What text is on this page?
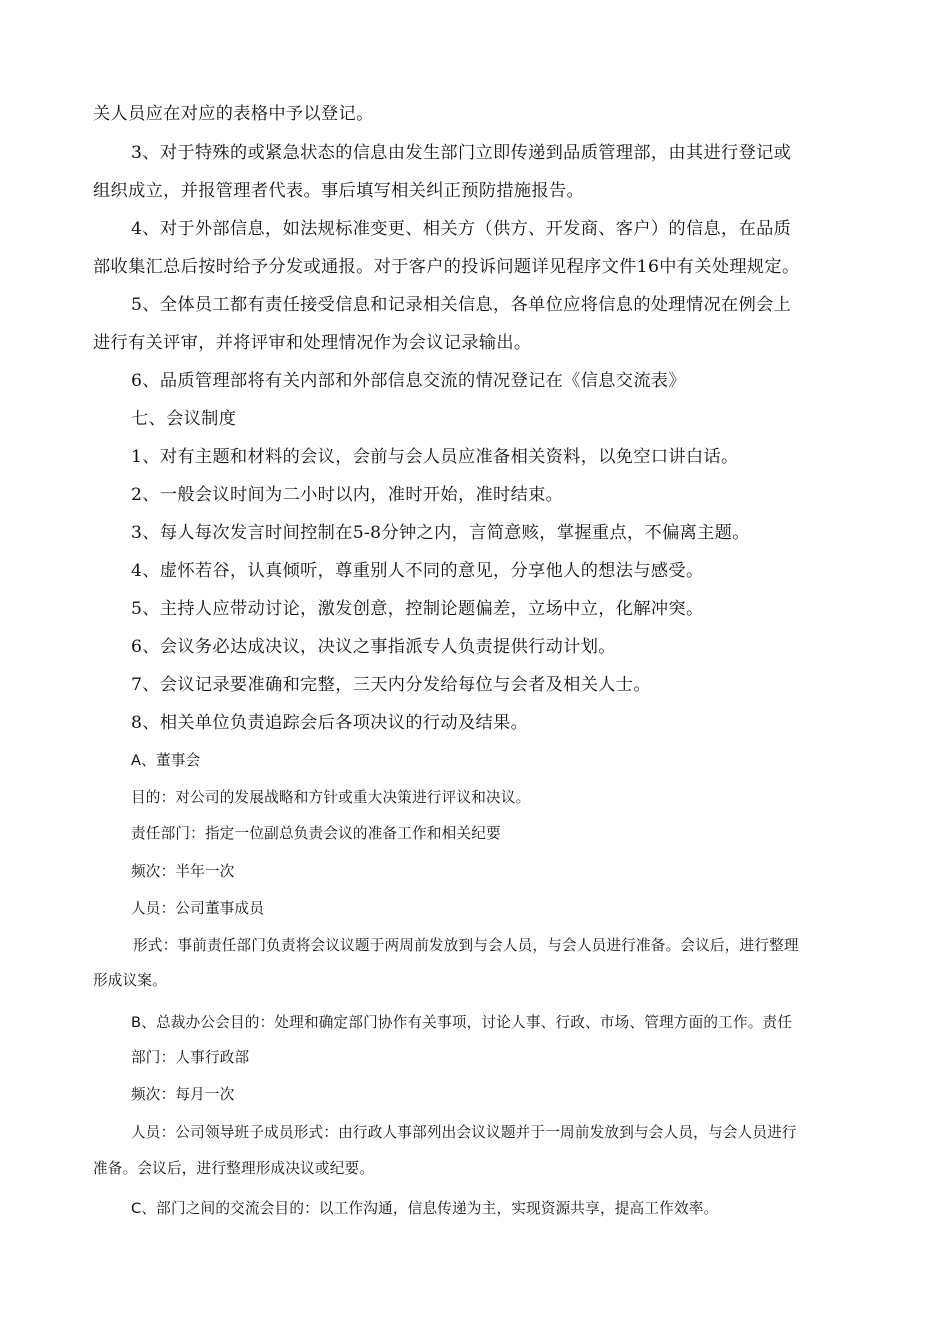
关人员应在对应的表格中予以登记。

3、对于特殊的或紧急状态的信息由发生部门立即传递到品质管理部，由其进行登记或

组织成立，并报管理者代表。事后填写相关纠正预防措施报告。

4、对于外部信息，如法规标准变更、相关方（供方、开发商、客户）的信息，在品质

部收集汇总后按时给予分发或通报。对于客户的投诉问题详见程序文件16中有关处理规定。

5、全体员工都有责任接受信息和记录相关信息，各单位应将信息的处理情况在例会上

进行有关评审，并将评审和处理情况作为会议记录输出。

6、品质管理部将有关内部和外部信息交流的情况登记在《信息交流表》

七、会议制度

1、对有主题和材料的会议，会前与会人员应准备相关资料，以免空口讲白话。

2、一般会议时间为二小时以内，准时开始，准时结束。

3、每人每次发言时间控制在5-8分钟之内，言简意赅，掌握重点，不偏离主题。

4、虚怀若谷，认真倾听，尊重别人不同的意见，分享他人的想法与感受。

5、主持人应带动讨论，激发创意，控制论题偏差，立场中立，化解冲突。

6、会议务必达成决议，决议之事指派专人负责提供行动计划。

7、会议记录要准确和完整，三天内分发给每位与会者及相关人士。

8、相关单位负责追踪会后各项决议的行动及结果。

A、董事会

目的：对公司的发展战略和方针或重大决策进行评议和决议。

责任部门：指定一位副总负责会议的准备工作和相关纪要

频次：半年一次

人员：公司董事成员

形式：事前责任部门负责将会议议题于两周前发放到与会人员，与会人员进行准备。会议后，进行整理

形成议案。

B、总裁办公会目的：处理和确定部门协作有关事项，讨论人事、行政、市场、管理方面的工作。责任

部门：人事行政部

频次：每月一次

人员：公司领导班子成员形式：由行政人事部列出会议议题并于一周前发放到与会人员，与会人员进行

准备。会议后，进行整理形成决议或纪要。

C、部门之间的交流会目的：以工作沟通，信息传递为主，实现资源共享，提高工作效率。
